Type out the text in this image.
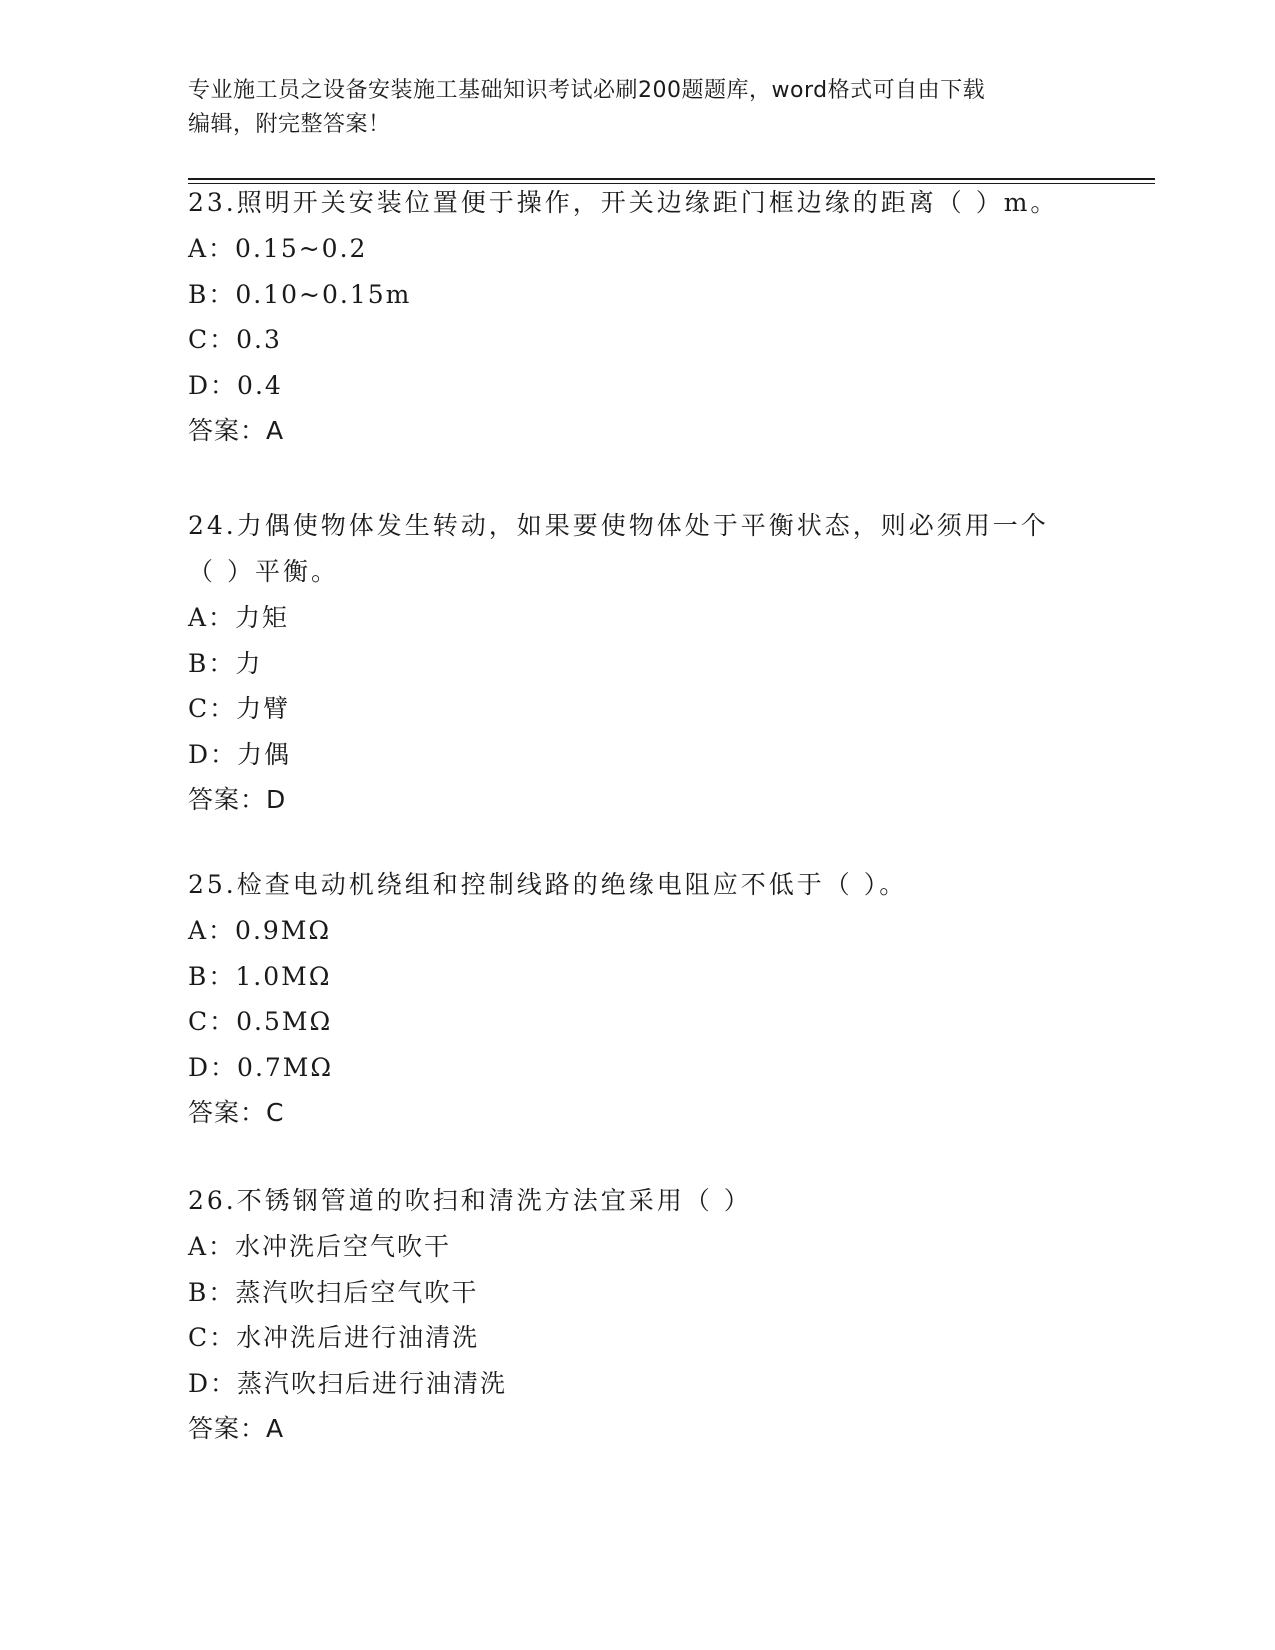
专业施工员之设备安装施工基础知识考试必刷200题题库，word格式可自由下载
编辑，附完整答案！
23.照明开关安装位置便于操作，开关边缘距门框边缘的距离（ ）m。
A：0.15~0.2
B：0.10~0.15m
C：0.3
D：0.4
答案：A
24.力偶使物体发生转动，如果要使物体处于平衡状态，则必须用一个
（ ）平衡。
A：力矩
B：力
C：力臂
D：力偶
答案：D
25.检查电动机绕组和控制线路的绝缘电阻应不低于（ ）。
A：0.9MΩ
B：1.0MΩ
C：0.5MΩ
D：0.7MΩ
答案：C
26.不锈钢管道的吹扫和清洗方法宜采用（ ）
A：水冲洗后空气吹干
B：蒸汽吹扫后空气吹干
C：水冲洗后进行油清洗
D：蒸汽吹扫后进行油清洗
答案：A
